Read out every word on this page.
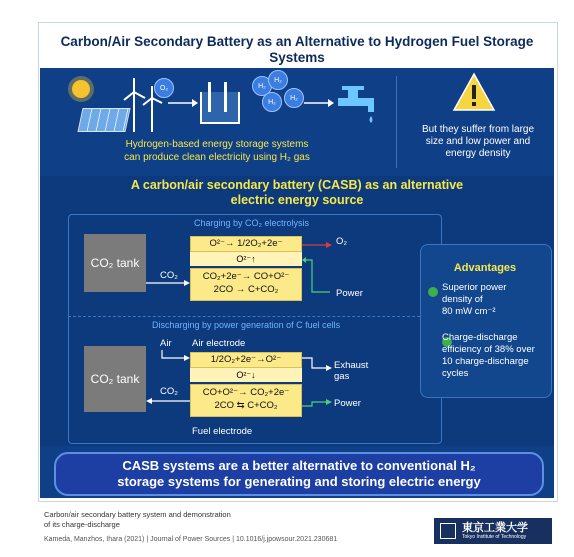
Carbon/Air Secondary Battery as an Alternative to Hydrogen Fuel Storage Systems
O₂	H₂
H₂
H₂
H₂
But they suffer from large
size and low power and
energy density
Hydrogen-based energy storage systems
can produce clean electricity using H₂ gas
A carbon/air secondary battery (CASB) as an alternative
electric energy source
Charging by CO₂ electrolysis
CO₂ tank
CO₂
O²⁻→ 1/2O₂+2e⁻
O²⁻↑
CO₂+2e⁻→ CO+O²⁻
2CO → C+CO₂
O₂
Power
Discharging by power generation of C fuel cells
CO₂ tank
Air Air electrode
1/2O₂+2e⁻→O²⁻
O²⁻↓
CO+O²⁻→ CO₂+2e⁻
2CO ⇆ C+CO₂
CO₂
Exhaust
gas
Power
Fuel electrode
Advantages

Superior power
density of
80 mW cm⁻²
Charge-discharge
efficiency of 38% over
10 charge-discharge
cycles
CASB systems are a better alternative to conventional H₂
storage systems for generating and storing electric energy
Carbon/air secondary battery system and demonstration
of its charge-discharge
Kameda, Manzhos, Ihara (2021) | Journal of Power Sources | 10.1016/j.jpowsour.2021.230681
東京工業大学
Tokyo Institute of Technology
